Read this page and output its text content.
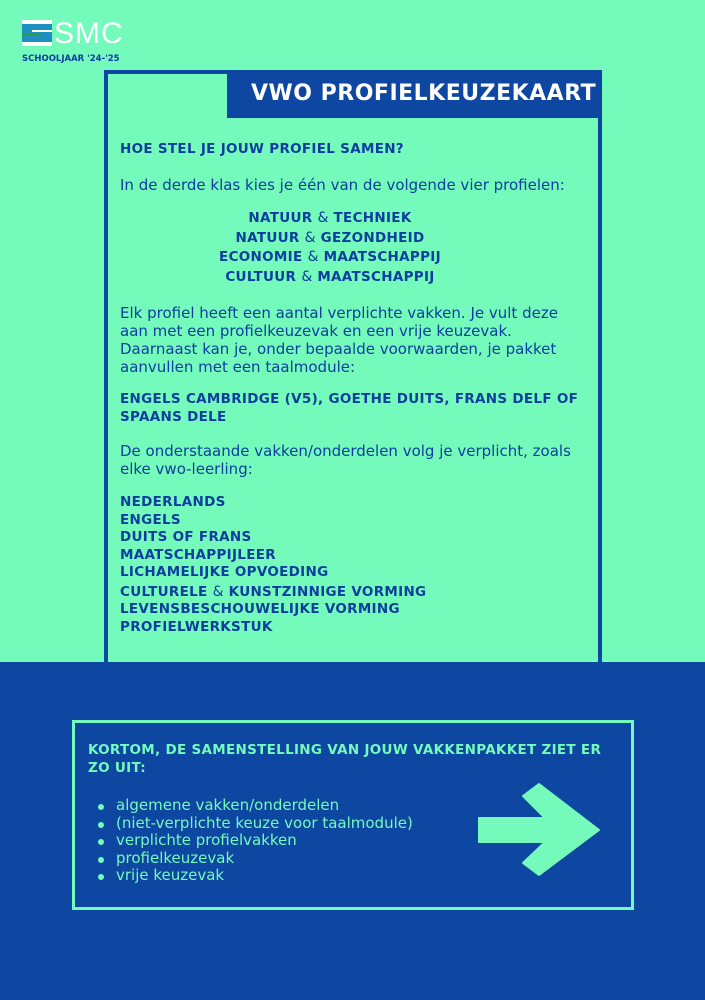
SMC
SCHOOLJAAR '24-'25
VWO PROFIELKEUZEKAART
HOE STEL JE JOUW PROFIEL SAMEN?
In de derde klas kies je één van de volgende vier profielen:
NATUUR & TECHNIEK
NATUUR & GEZONDHEID
ECONOMIE & MAATSCHAPPIJ
CULTUUR & MAATSCHAPPIJ
Elk profiel heeft een aantal verplichte vakken. Je vult deze aan met een profielkeuzevak en een vrije keuzevak. Daarnaast kan je, onder bepaalde voorwaarden, je pakket aanvullen met een taalmodule:
ENGELS CAMBRIDGE (V5), GOETHE DUITS, FRANS DELF OF SPAANS DELE
De onderstaande vakken/onderdelen volg je verplicht, zoals elke vwo-leerling:
NEDERLANDS
ENGELS
DUITS OF FRANS
MAATSCHAPPIJLEER
LICHAMELIJKE OPVOEDING
CULTURELE & KUNSTZINNIGE VORMING
LEVENSBESCHOUWELIJKE VORMING
PROFIELWERKSTUK
KORTOM, DE SAMENSTELLING VAN JOUW VAKKENPAKKET ZIET ER ZO UIT:
algemene vakken/onderdelen
(niet-verplichte keuze voor taalmodule)
verplichte profielvakken
profielkeuzevak
vrije keuzevak
